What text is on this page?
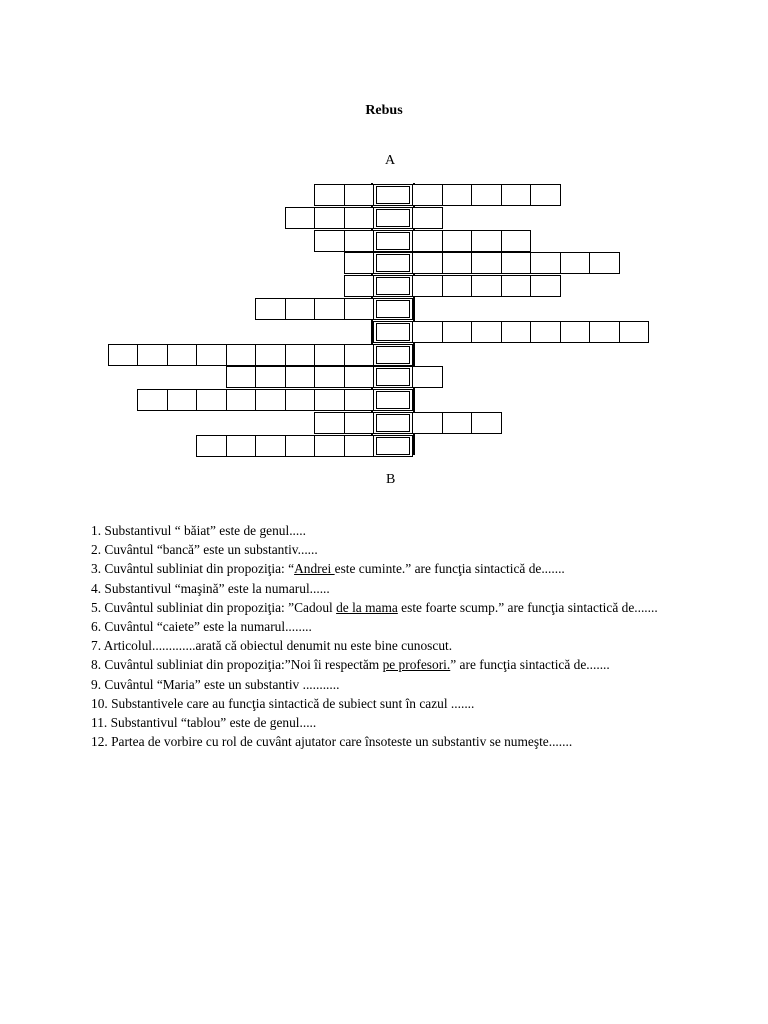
Rebus
A
B

1. Substantivul “ băiat” este de genul.....

2. Cuvântul “bancă” este un substantiv......

3. Cuvântul subliniat din propoziţia: “Andrei este cuminte.” are funcţia sintactică de.......

4. Substantivul “maşină” este la numarul......

5. Cuvântul subliniat din propoziţia: ”Cadoul de la mama este foarte scump.” are funcţia sintactică de.......

6. Cuvântul “caiete” este la numarul........

7. Articolul.............arată că obiectul denumit nu este bine cunoscut.

8. Cuvântul subliniat din propoziţia:”Noi îi respectăm pe profesori.” are funcţia sintactică de.......

9. Cuvântul “Maria” este un substantiv ...........

10. Substantivele care au funcţia sintactică de subiect sunt în cazul .......

11. Substantivul “tablou” este de genul.....

12. Partea de vorbire cu rol de cuvânt ajutator care însoteste un substantiv se numeşte.......
